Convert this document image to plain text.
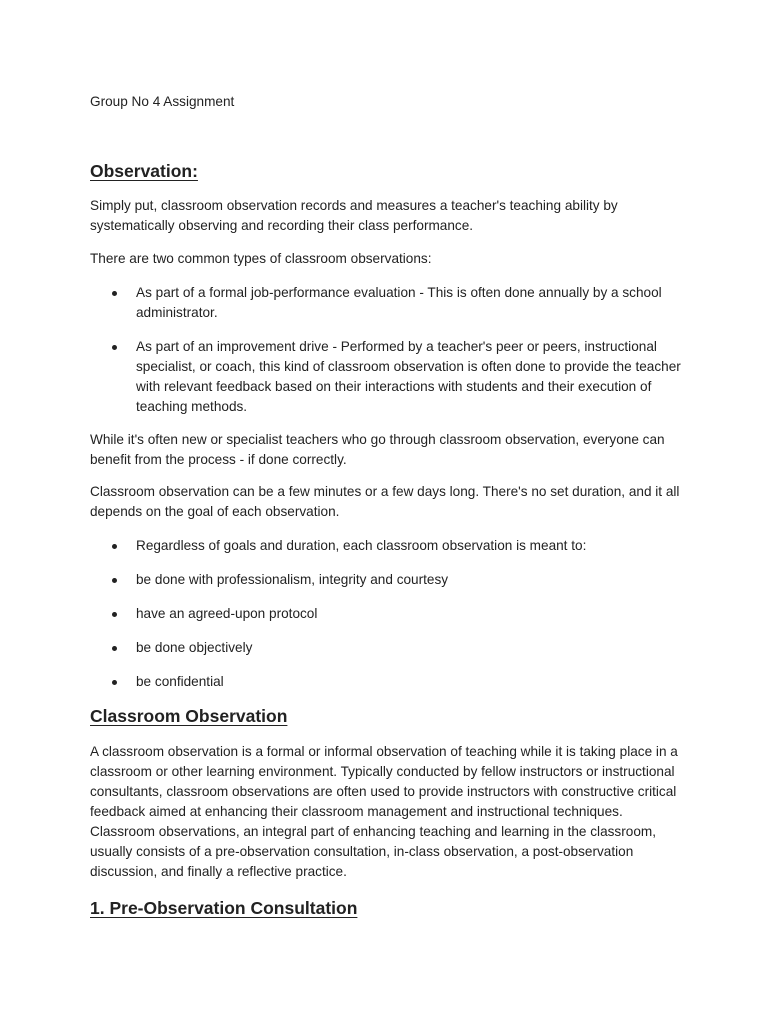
Group No 4 Assignment

Observation:

Simply put, classroom observation records and measures a teacher's teaching ability by systematically observing and recording their class performance.

There are two common types of classroom observations:

As part of a formal job-performance evaluation - This is often done annually by a school administrator.
As part of an improvement drive - Performed by a teacher's peer or peers, instructional specialist, or coach, this kind of classroom observation is often done to provide the teacher with relevant feedback based on their interactions with students and their execution of teaching methods.

While it's often new or specialist teachers who go through classroom observation, everyone can benefit from the process - if done correctly.

Classroom observation can be a few minutes or a few days long. There's no set duration, and it all depends on the goal of each observation.

Regardless of goals and duration, each classroom observation is meant to:
be done with professionalism, integrity and courtesy
have an agreed-upon protocol
be done objectively
be confidential
Classroom Observation

A classroom observation is a formal or informal observation of teaching while it is taking place in a classroom or other learning environment. Typically conducted by fellow instructors or instructional consultants, classroom observations are often used to provide instructors with constructive critical feedback aimed at enhancing their classroom management and instructional techniques. Classroom observations, an integral part of enhancing teaching and learning in the classroom, usually consists of a pre-observation consultation, in-class observation, a post-observation discussion, and finally a reflective practice.

1. Pre-Observation Consultation
